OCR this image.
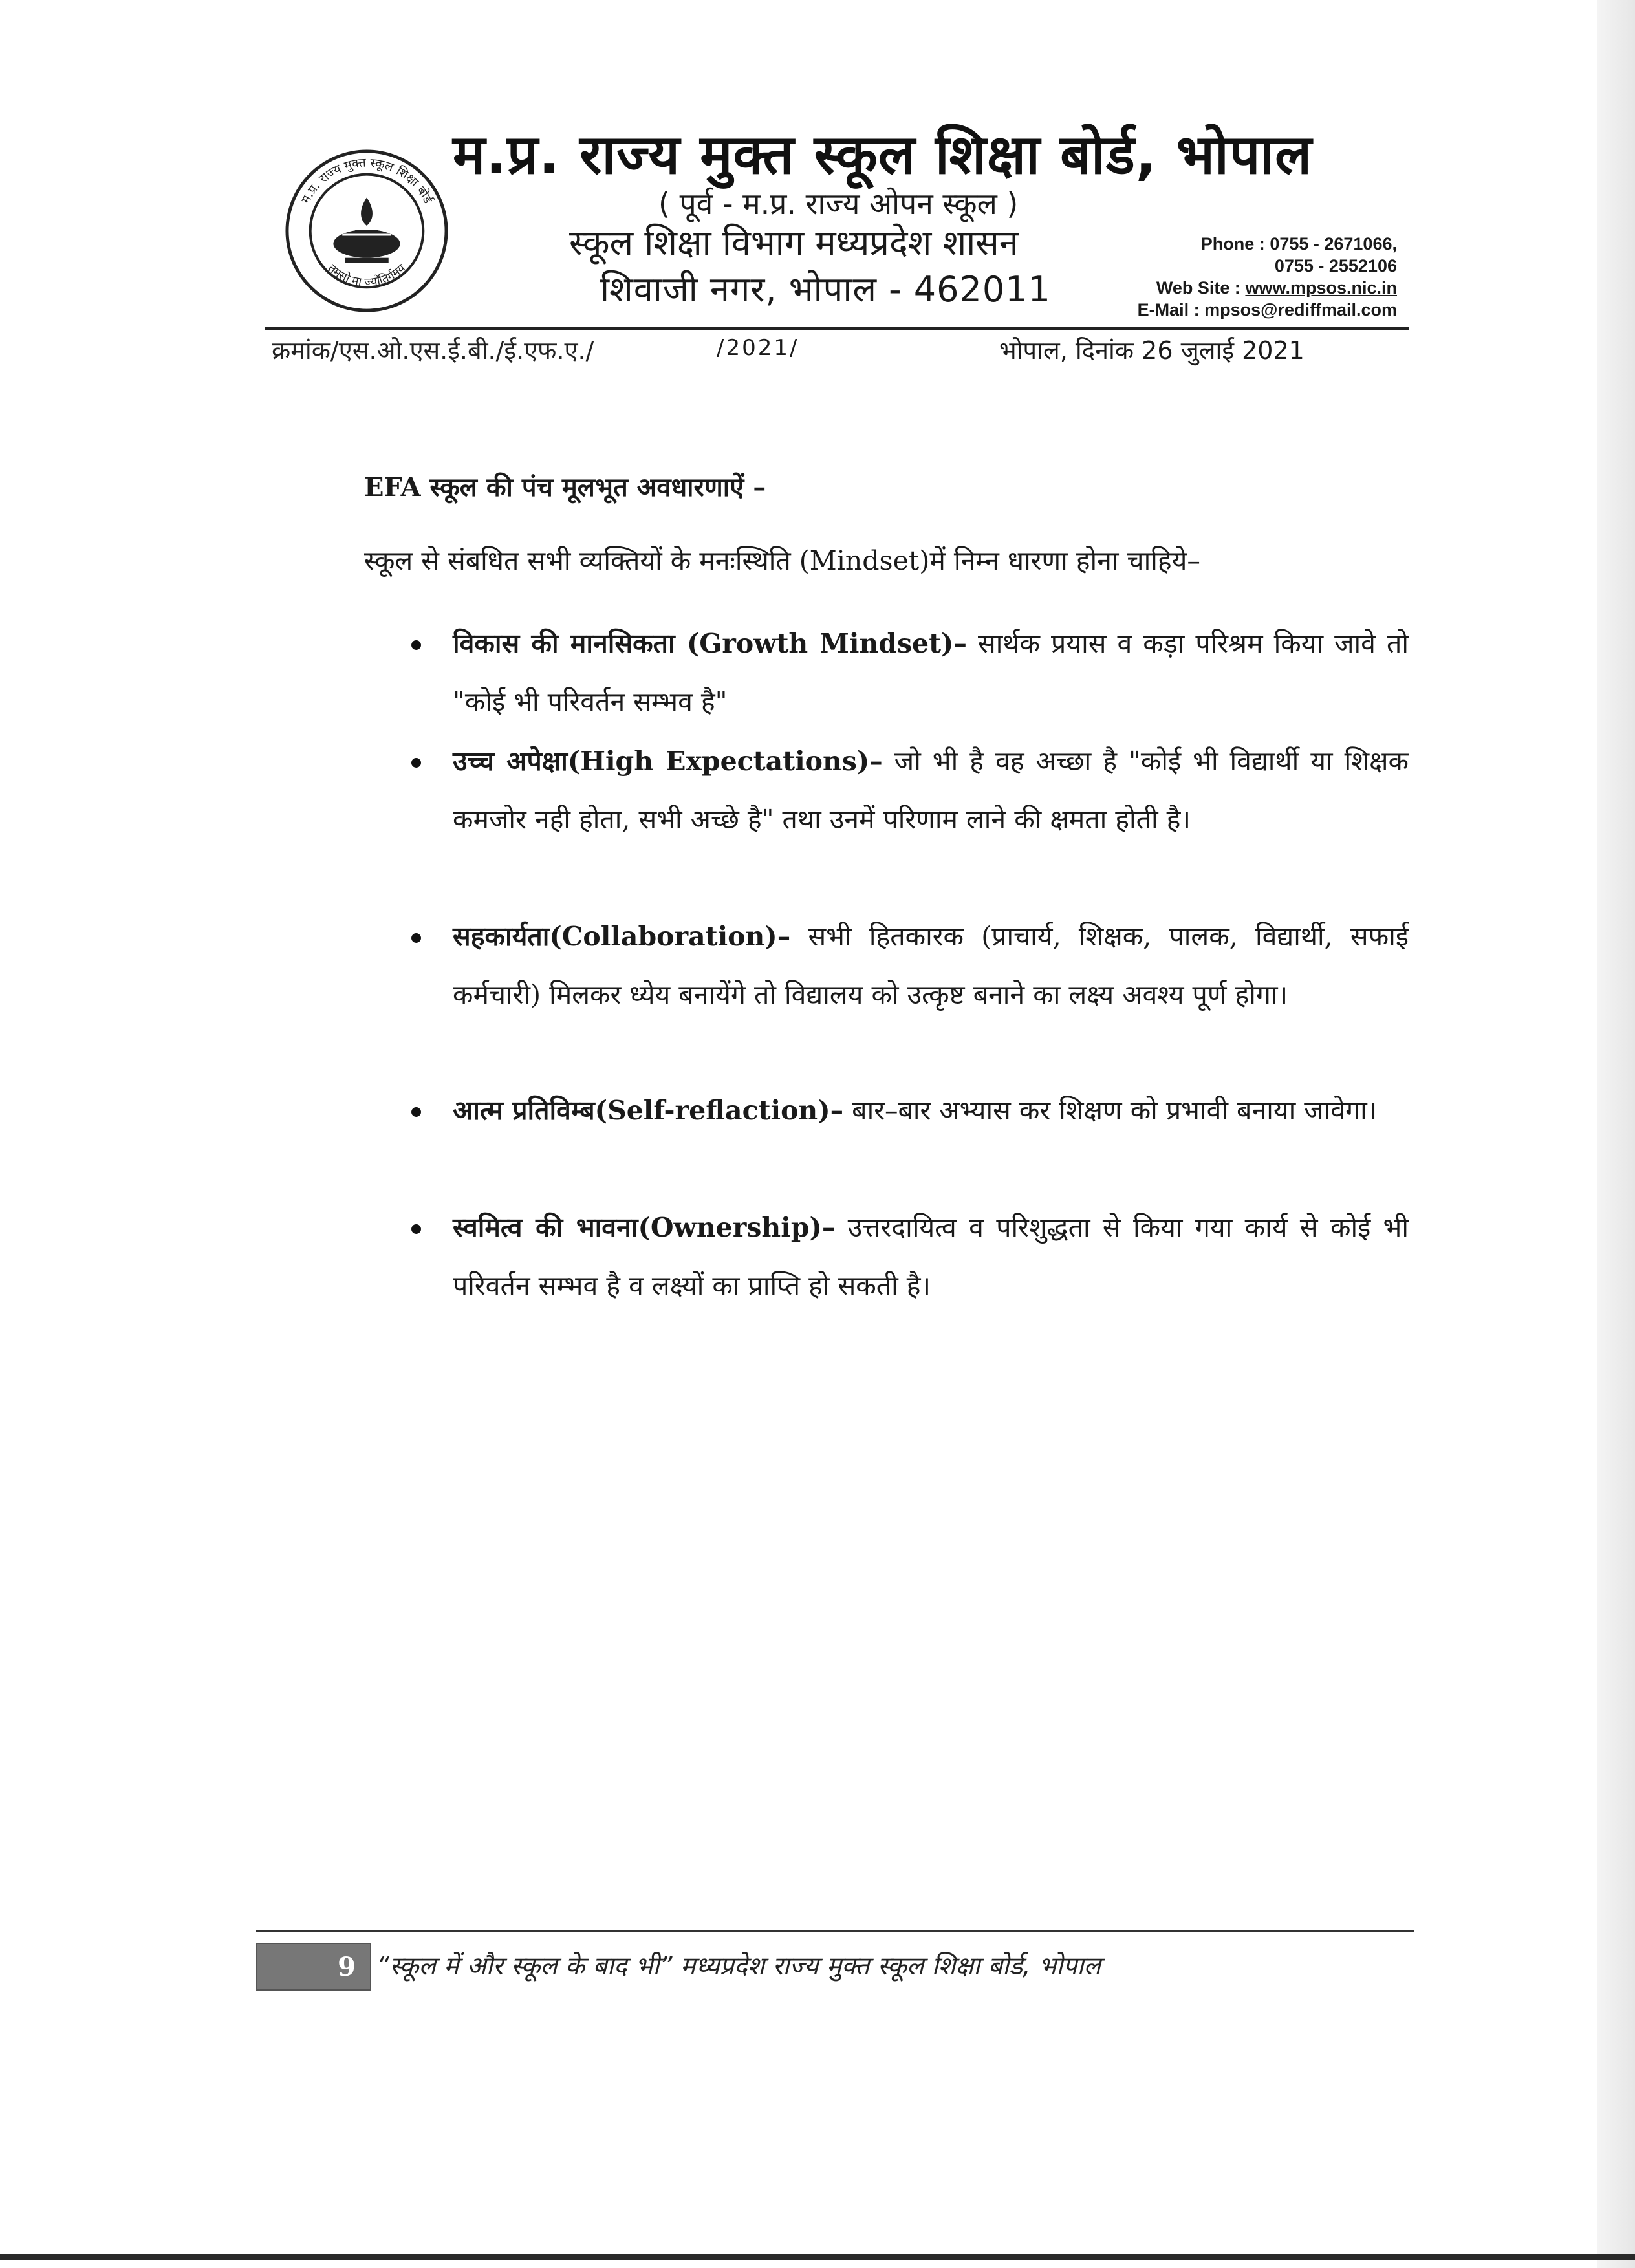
म.प्र. राज्य मुक्त स्कूल शिक्षा बोर्ड
तमसो मा ज्योतिर्गमय
म.प्र. राज्य मुक्त स्कूल शिक्षा बोर्ड, भोपाल
( पूर्व - म.प्र. राज्य ओपन स्कूल )
स्कूल शिक्षा विभाग मध्यप्रदेश शासन
शिवाजी नगर, भोपाल - 462011
Phone : 0755 - 2671066,
0755 - 2552106
Web Site : www.mpsos.nic.in
E-Mail : mpsos@rediffmail.com
क्रमांक/एस.ओ.एस.ई.बी./ई.एफ.ए./	/2021/	भोपाल, दिनांक 26 जुलाई 2021
EFA स्कूल की पंच मूलभूत अवधारणाऐं –
स्कूल से संबधित सभी व्यक्तियों के मनःस्थिति (Mindset)में निम्न धारणा होना चाहिये–
विकास की मानसिकता (Growth Mindset)– सार्थक प्रयास व कड़ा परिश्रम किया जावे तो "कोई भी परिवर्तन सम्भव है"
उच्च अपेक्षा(High Expectations)– जो भी है वह अच्छा है "कोई भी विद्यार्थी या शिक्षक कमजोर नही होता, सभी अच्छे है" तथा उनमें परिणाम लाने की क्षमता होती है।
सहकार्यता(Collaboration)– सभी हितकारक (प्राचार्य, शिक्षक, पालक, विद्यार्थी, सफाई कर्मचारी) मिलकर ध्येय बनायेंगे तो विद्यालय को उत्कृष्ट बनाने का लक्ष्य अवश्य पूर्ण होगा।
आत्म प्रतिविम्ब(Self-reflaction)– बार–बार अभ्यास कर शिक्षण को प्रभावी बनाया जावेगा।
स्वमित्व की भावना(Ownership)– उत्तरदायित्व व परिशुद्धता से किया गया कार्य से कोई भी परिवर्तन सम्भव है व लक्ष्यों का प्राप्ति हो सकती है।
9 “स्कूल में और स्कूल के बाद भी” मध्यप्रदेश राज्य मुक्त स्कूल शिक्षा बोर्ड, भोपाल
